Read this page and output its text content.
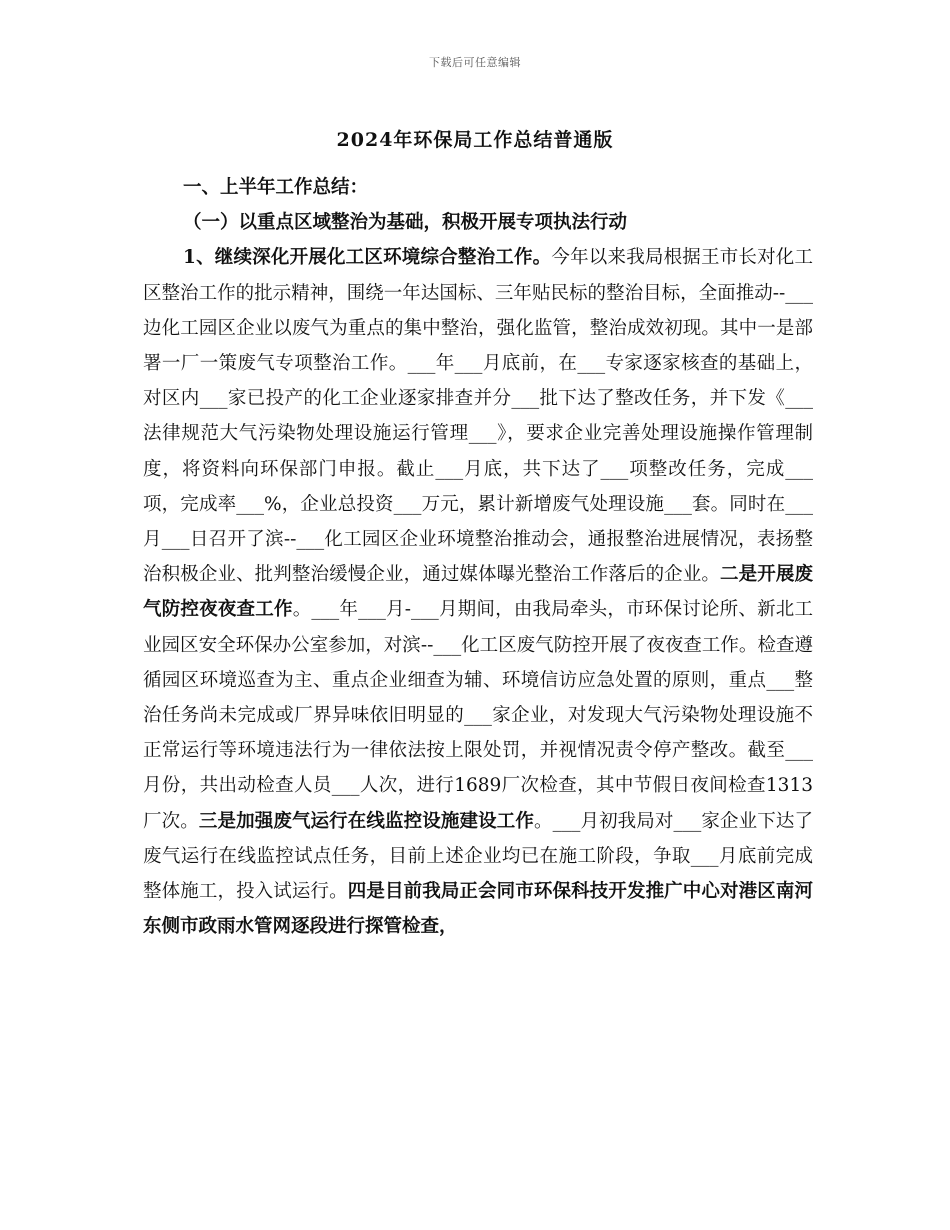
下载后可任意编辑
2024年环保局工作总结普通版

一、上半年工作总结：

（一）以重点区域整治为基础，积极开展专项执法行动

1、继续深化开展化工区环境综合整治工作。今年以来我局根据王市长对化工区整治工作的批示精神，围绕一年达国标、三年贴民标的整治目标，全面推动--___边化工园区企业以废气为重点的集中整治，强化监管，整治成效初现。其中一是部署一厂一策废气专项整治工作。___年___月底前，在___专家逐家核查的基础上，对区内___家已投产的化工企业逐家排查并分___批下达了整改任务，并下发《___法律规范大气污染物处理设施运行管理___》，要求企业完善处理设施操作管理制度，将资料向环保部门申报。截止___月底，共下达了___项整改任务，完成___项，完成率___%，企业总投资___万元，累计新增废气处理设施___套。同时在___月___日召开了滨--___化工园区企业环境整治推动会，通报整治进展情况，表扬整治积极企业、批判整治缓慢企业，通过媒体曝光整治工作落后的企业。二是开展废气防控夜夜查工作。___年___月-___月期间，由我局牵头，市环保讨论所、新北工业园区安全环保办公室参加，对滨--___化工区废气防控开展了夜夜查工作。检查遵循园区环境巡查为主、重点企业细查为辅、环境信访应急处置的原则，重点___整治任务尚未完成或厂界异味依旧明显的___家企业，对发现大气污染物处理设施不正常运行等环境违法行为一律依法按上限处罚，并视情况责令停产整改。截至___月份，共出动检查人员___人次，进行1689厂次检查，其中节假日夜间检查1313厂次。三是加强废气运行在线监控设施建设工作。___月初我局对___家企业下达了废气运行在线监控试点任务，目前上述企业均已在施工阶段，争取___月底前完成整体施工，投入试运行。四是目前我局正会同市环保科技开发推广中心对港区南河东侧市政雨水管网逐段进行探管检查，
